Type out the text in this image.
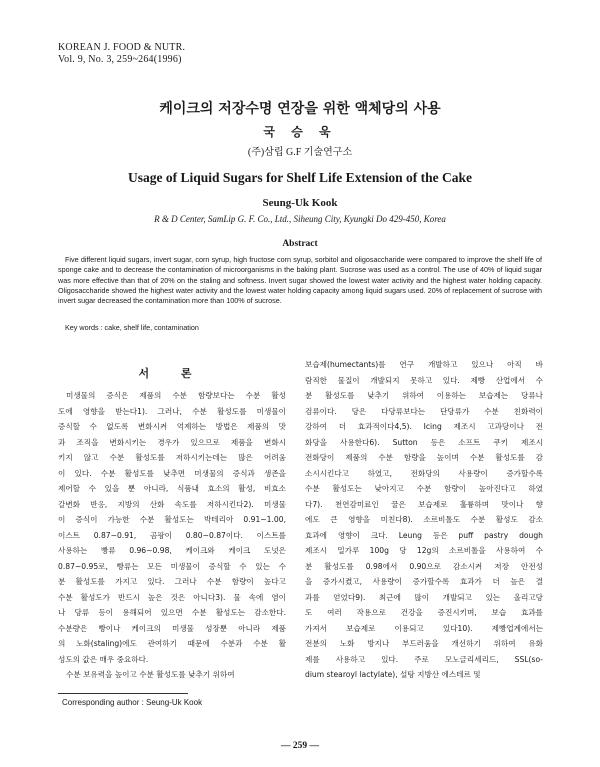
KOREAN J. FOOD & NUTR.
Vol. 9, No. 3, 259~264(1996)
케이크의 저장수명 연장을 위한 액체당의 사용
국 승 욱
(주)삼립 G.F 기술연구소
Usage of Liquid Sugars for Shelf Life Extension of the Cake
Seung-Uk Kook
R & D Center, SamLip G. F. Co., Ltd., Siheung City, Kyungki Do 429-450, Korea
Abstract

Five different liquid sugars, invert sugar, corn syrup, high fructose corn syrup, sorbitol and oligosaccharide were compared to improve the shelf life of sponge cake and to decrease the contamination of microorganisms in the baking plant. Sucrose was used as a control. The use of 40% of liquid sugar was more effective than that of 20% on the staling and softness. Invert sugar showed the lowest water activity and the highest water holding capacity. Oligosaccharide showed the highest water activity and the lowest water holding capacity among liquid sugars used. 20% of replacement of sucrose with invert sugar decreased the contamination more than 100% of sucrose.

Key words : cake, shelf life, contamination
서 론
미생물의 증식은 제품의 수분 함량보다는 수분 활성
도에 영향을 받는다1). 그러나, 수분 활성도를 미생물이
증식할 수 없도록 변화시켜 억제하는 방법은 제품의 맛
과 조직을 변화시키는 경우가 있으므로 제품을 변화시
키지 않고 수분 활성도를 저하시키는데는 많은 어려움
이 있다. 수분 활성도를 낮추면 미생물의 증식과 생존을
제어할 수 있을 뿐 아니라, 식품내 효소의 활성, 비효소
갈변화 반응, 지방의 산화 속도를 저하시킨다2). 미생물
이 증식이 가능한 수분 활성도는 박테리아 0.91~1.00,
이스트 0.87~0.91, 곰팡이 0.80~0.87이다. 이스트를
사용하는 빵류 0.96~0.98, 케이크와 케이크 도넛은
0.87~0.95로, 빵류는 모든 미생물이 증식할 수 있는 수
분 활성도를 가지고 있다. 그러나 수분 함량이 높다고
수분 활성도가 반드시 높은 것은 아니다3). 물 속에 염이
나 당류 등이 용해되어 있으면 수분 활성도는 감소한다.
수분량은 빵이나 케이크의 미생물 성장뿐 아니라 제품
의 노화(staling)에도 관여하기 때문에 수분과 수분 활
성도의 값은 매우 중요하다.
수분 보유력을 높이고 수분 활성도를 낮추기 위하여
보습제(humectants)를 연구 개발하고 있으나 아직 바
람직한 물질이 개발되지 못하고 있다. 제빵 산업에서 수
분 활성도를 낮추기 위하여 이용하는 보습제는 당류나
검류이다. 당은 다당류보다는 단당류가 수분 친화력이
강하여 더 효과적이다4,5). Icing 제조시 고과당이나 전
화당을 사용한다6). Sutton 등은 소프트 쿠키 제조시
전화당이 제품의 수분 함량을 높이며 수분 활성도를 감
소시시킨다고 하였고, 전화당의 사용량이 증가할수록
수분 활성도는 낮아지고 수분 함량이 높아진다고 하였
다7). 천연감미료인 꿀은 보습제로 훌륭하며 맛이나 향
에도 큰 영향을 미친다8). 소르비톨도 수분 활성도 감소
효과에 영향이 크다. Leung 등은 puff pastry dough
제조시 밀가루 100g 당 12g의 소르비톨을 사용하여 수
분 활성도를 0.98에서 0.90으로 감소시켜 저장 안전성
을 증가시켰고, 사용량이 증가할수록 효과가 더 높은 결
과를 얻었다9). 최근에 많이 개발되고 있는 올리고당
도 여러 작용으로 건강을 증진시키며, 보습 효과를
가져서 보습제로 이용되고 있다10). 제빵업계에서는
전분의 노화 방지나 부드러움을 개선하기 위하여 유화
제를 사용하고 있다. 주로 모노글리세리드, SSL(so-
dium stearoyl lactylate), 설탕 지방산 에스테르 및
Corresponding author : Seung-Uk Kook
— 259 —
